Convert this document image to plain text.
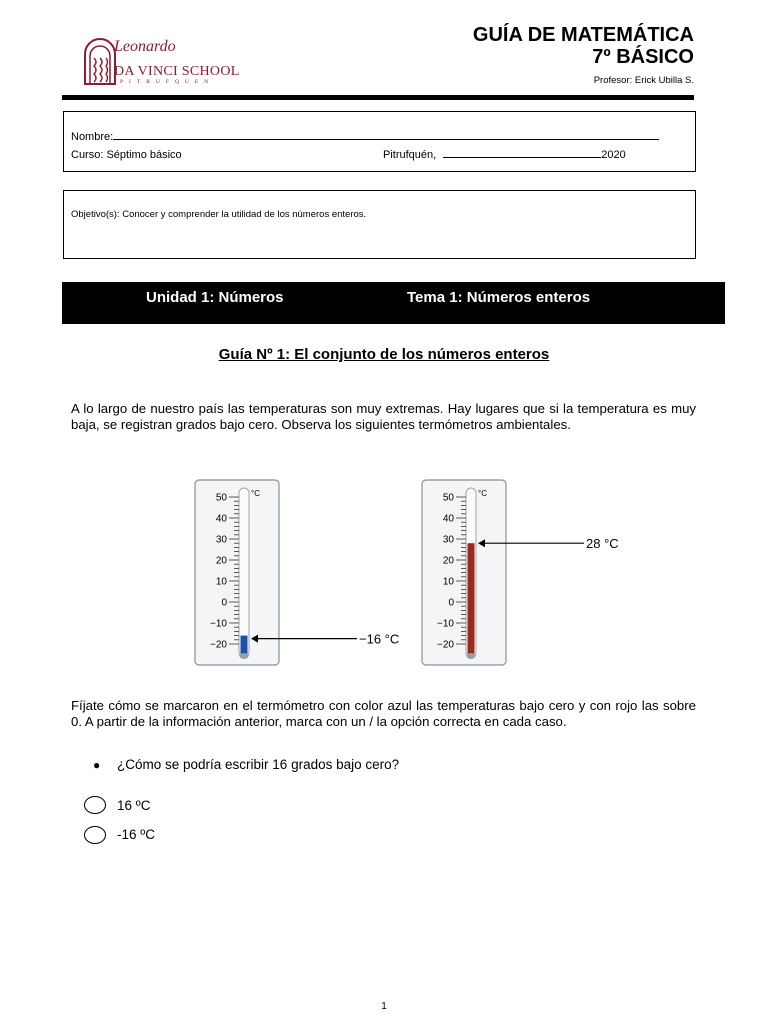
Leonardo
DA VINCI SCHOOL
PITRUFQUEN
GUÍA DE MATEMÁTICA
7º BÁSICO
Profesor: Erick Ubilla S.
Nombre:
Curso: Séptimo básico	Pitrufquén,	2020
Objetivo(s): Conocer y comprender la utilidad de los números enteros.
Unidad 1: Números	Tema 1: Números enteros
Guía Nº 1: El conjunto de los números enteros
A lo largo de nuestro país las temperaturas son muy extremas. Hay lugares que si la temperatura es muy baja, se registran grados bajo cero. Observa los siguientes termómetros ambientales.
°C
50
40
30
20
10
0
−10
−20	−16 °C
°C
50
40
30
20
10
0
−10
−20
28 °C
Fíjate cómo se marcaron en el termómetro con color azul las temperaturas bajo cero y con rojo las sobre 0. A partir de la información anterior, marca con un / la opción correcta en cada caso.
● ¿Cómo se podría escribir 16 grados bajo cero?
16 ºC
-16 ºC
1
